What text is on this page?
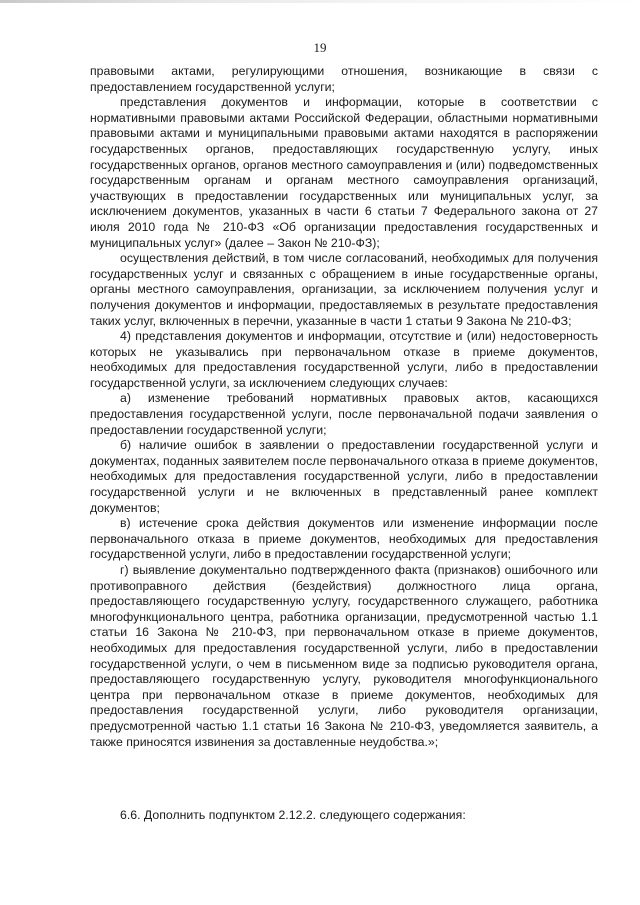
19

правовыми актами, регулирующими отношения, возникающие в связи с предоставлением государственной услуги;

представления документов и информации, которые в соответствии с нормативными правовыми актами Российской Федерации, областными нормативными правовыми актами и муниципальными правовыми актами находятся в распоряжении государственных органов, предоставляющих государственную услугу, иных государственных органов, органов местного самоуправления и (или) подведомственных государственным органам и органам местного самоуправления организаций, участвующих в предоставлении государственных или муниципальных услуг, за исключением документов, указанных в части 6 статьи 7 Федерального закона от 27 июля 2010 года № 210-ФЗ «Об организации предоставления государственных и муниципальных услуг» (далее – Закон № 210-ФЗ);

осуществления действий, в том числе согласований, необходимых для получения государственных услуг и связанных с обращением в иные государственные органы, органы местного самоуправления, организации, за исключением получения услуг и получения документов и информации, предоставляемых в результате предоставления таких услуг, включенных в перечни, указанные в части 1 статьи 9 Закона № 210-ФЗ;

4) представления документов и информации, отсутствие и (или) недостоверность которых не указывались при первоначальном отказе в приеме документов, необходимых для предоставления государственной услуги, либо в предоставлении государственной услуги, за исключением следующих случаев:

а) изменение требований нормативных правовых актов, касающихся предоставления государственной услуги, после первоначальной подачи заявления о предоставлении государственной услуги;

б) наличие ошибок в заявлении о предоставлении государственной услуги и документах, поданных заявителем после первоначального отказа в приеме документов, необходимых для предоставления государственной услуги, либо в предоставлении государственной услуги и не включенных в представленный ранее комплект документов;

в) истечение срока действия документов или изменение информации после первоначального отказа в приеме документов, необходимых для предоставления государственной услуги, либо в предоставлении государственной услуги;

г) выявление документально подтвержденного факта (признаков) ошибочного или противоправного действия (бездействия) должностного лица органа, предоставляющего государственную услугу, государственного служащего, работника многофункционального центра, работника организации, предусмотренной частью 1.1 статьи 16 Закона № 210-ФЗ, при первоначальном отказе в приеме документов, необходимых для предоставления государственной услуги, либо в предоставлении государственной услуги, о чем в письменном виде за подписью руководителя органа, предоставляющего государственную услугу, руководителя многофункционального центра при первоначальном отказе в приеме документов, необходимых для предоставления государственной услуги, либо руководителя организации, предусмотренной частью 1.1 статьи 16 Закона № 210-ФЗ, уведомляется заявитель, а также приносятся извинения за доставленные неудобства.»;

6.6. Дополнить подпунктом 2.12.2. следующего содержания:
